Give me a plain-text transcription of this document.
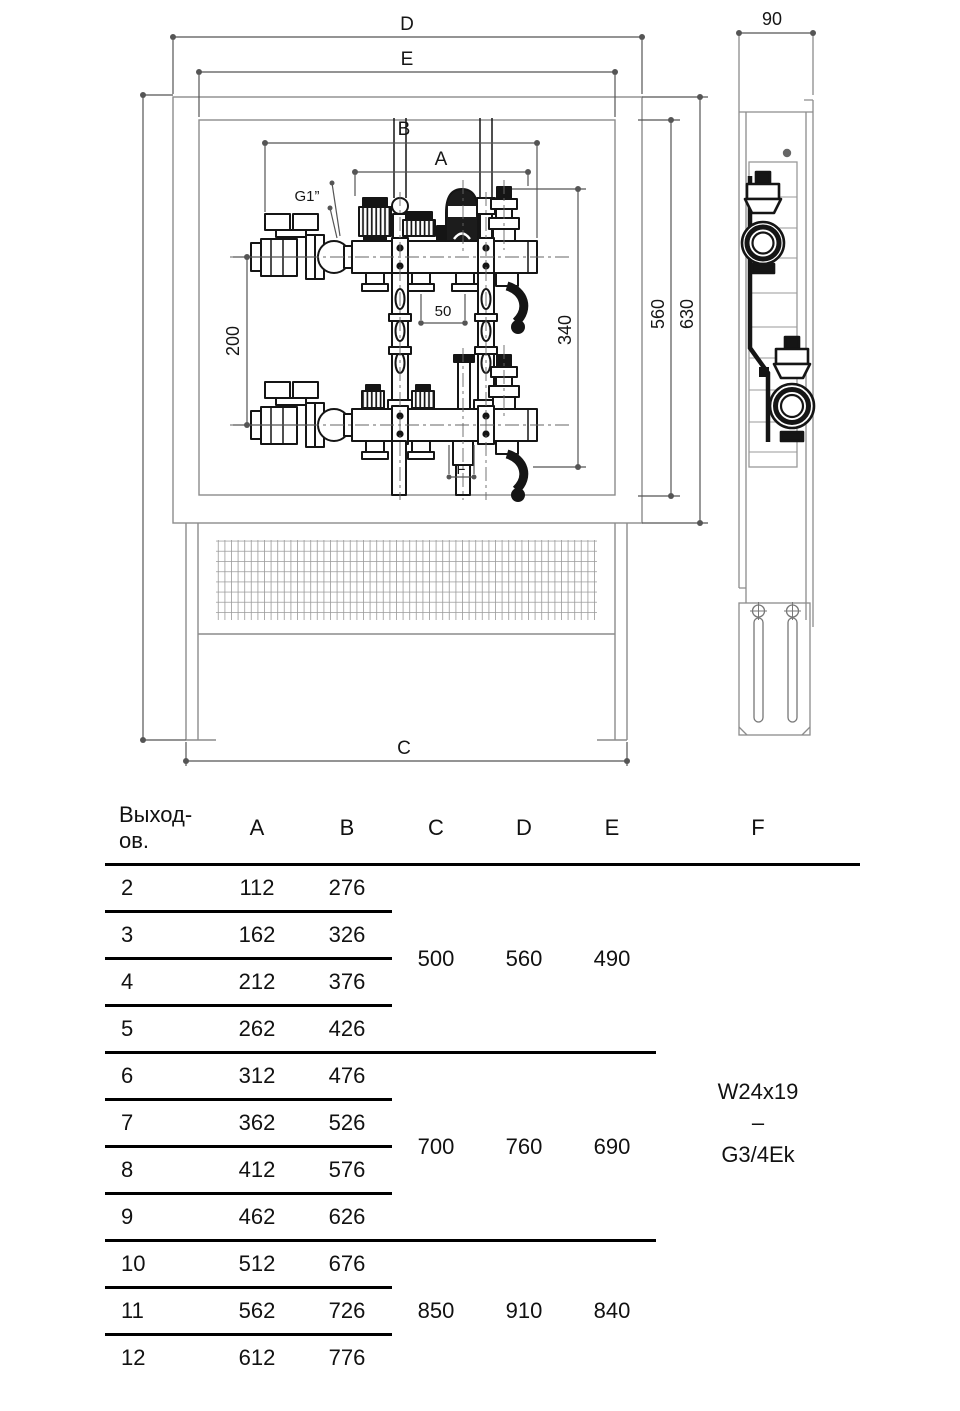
D
E
B
A
G1”
50
200	340
560 630
C
F
90
Выход-
ов.	A	B	C	D	E	F
2	112	276	500	560	490	W24x19
–
G3/4Ek

3	162	326				
4	212	376				
5	262	426				
6	312	476	700	760	690	
7	362	526				
8	412	576				
9	462	626				
10	512	676	850	910	840	
11	562	726				
12	612	776				
